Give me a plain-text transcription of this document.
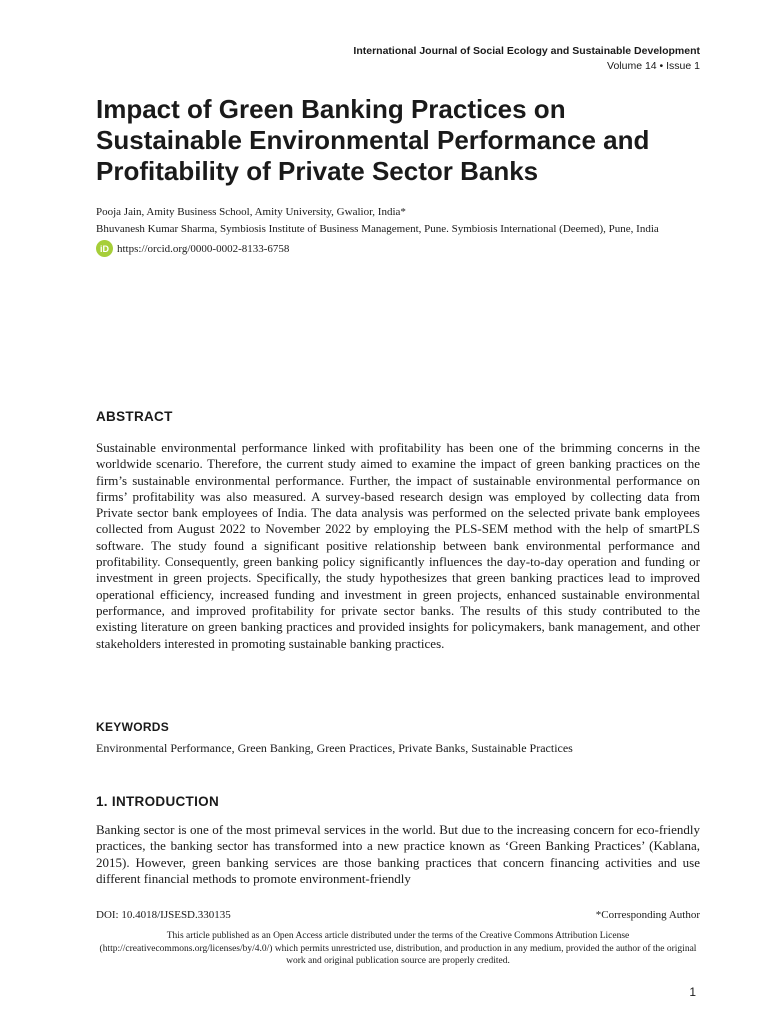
International Journal of Social Ecology and Sustainable Development
Volume 14 • Issue 1
Impact of Green Banking Practices on Sustainable Environmental Performance and Profitability of Private Sector Banks
Pooja Jain, Amity Business School, Amity University, Gwalior, India*
Bhuvanesh Kumar Sharma, Symbiosis Institute of Business Management, Pune. Symbiosis International (Deemed), Pune, India
iD https://orcid.org/0000-0002-8133-6758
ABSTRACT

Sustainable environmental performance linked with profitability has been one of the brimming concerns in the worldwide scenario. Therefore, the current study aimed to examine the impact of green banking practices on the firm’s sustainable environmental performance. Further, the impact of sustainable environmental performance on firms’ profitability was also measured. A survey-based research design was employed by collecting data from Private sector bank employees of India. The data analysis was performed on the selected private bank employees collected from August 2022 to November 2022 by employing the PLS-SEM method with the help of smartPLS software. The study found a significant positive relationship between bank environmental performance and profitability. Consequently, green banking policy significantly influences the day-to-day operation and funding or investment in green projects. Specifically, the study hypothesizes that green banking practices lead to improved operational efficiency, increased funding and investment in green projects, enhanced sustainable environmental performance, and improved profitability for private sector banks. The results of this study contributed to the existing literature on green banking practices and provided insights for policymakers, bank management, and other stakeholders interested in promoting sustainable banking practices.

KEYWORDS

Environmental Performance, Green Banking, Green Practices, Private Banks, Sustainable Practices

1. INTRODUCTION

Banking sector is one of the most primeval services in the world. But due to the increasing concern for eco-friendly practices, the banking sector has transformed into a new practice known as ‘Green Banking Practices’ (Kablana, 2015). However, green banking services are those banking practices that concern financing activities and use different financial methods to promote environment-friendly

DOI: 10.4018/IJSESD.330135	*Corresponding Author

This article published as an Open Access article distributed under the terms of the Creative Commons Attribution License (http://creativecommons.org/licenses/by/4.0/) which permits unrestricted use, distribution, and production in any medium, provided the author of the original work and original publication source are properly credited.

1
